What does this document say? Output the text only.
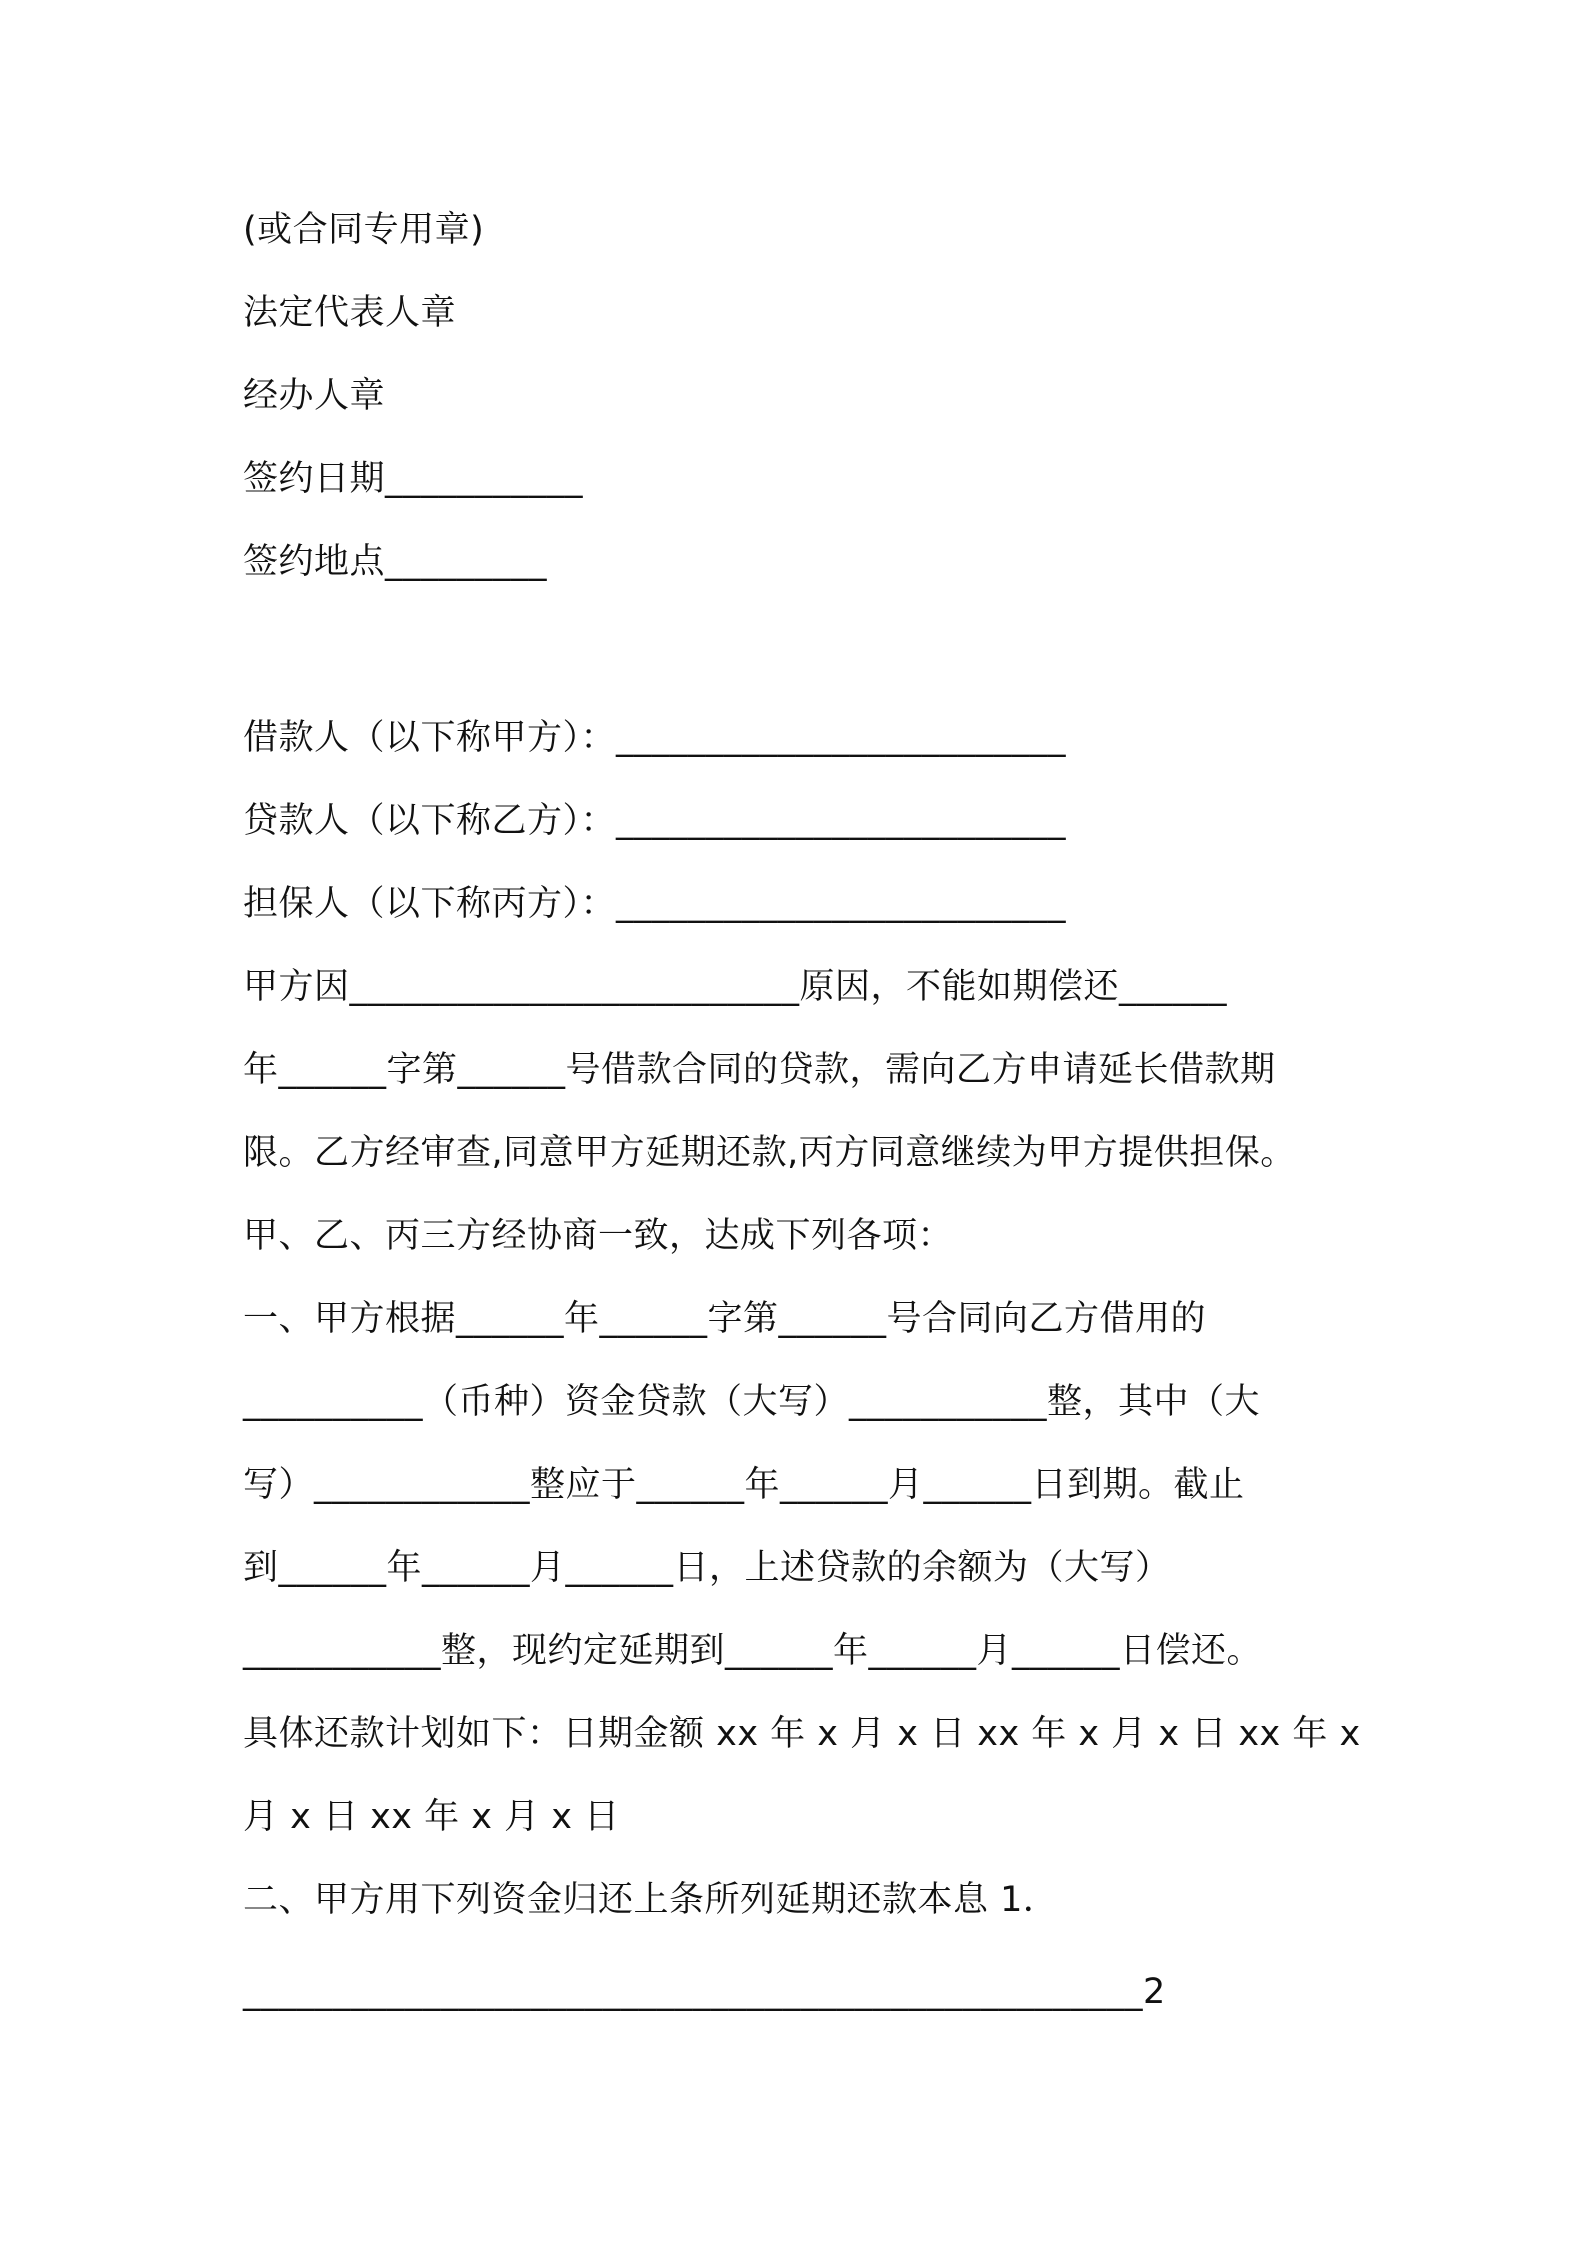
(或合同专用章)
法定代表人章
经办人章
签约日期___________
签约地点_________
借款人（以下称甲方）：_________________________
贷款人（以下称乙方）：_________________________
担保人（以下称丙方）：_________________________
甲方因_________________________原因，不能如期偿还______
年______字第______号借款合同的贷款，需向乙方申请延长借款期
限。乙方经审查,同意甲方延期还款,丙方同意继续为甲方提供担保。
甲、乙、丙三方经协商一致，达成下列各项：
一、甲方根据______年______字第______号合同向乙方借用的
__________（币种）资金贷款（大写）___________整，其中（大
写）____________整应于______年______月______日到期。截止
到______年______月______日，上述贷款的余额为（大写）
___________整，现约定延期到______年______月______日偿还。
具体还款计划如下：日期金额 xx 年 x 月 x 日 xx 年 x 月 x 日 xx 年 x
月 x 日 xx 年 x 月 x 日
二、甲方用下列资金归还上条所列延期还款本息 1．
__________________________________________________2
